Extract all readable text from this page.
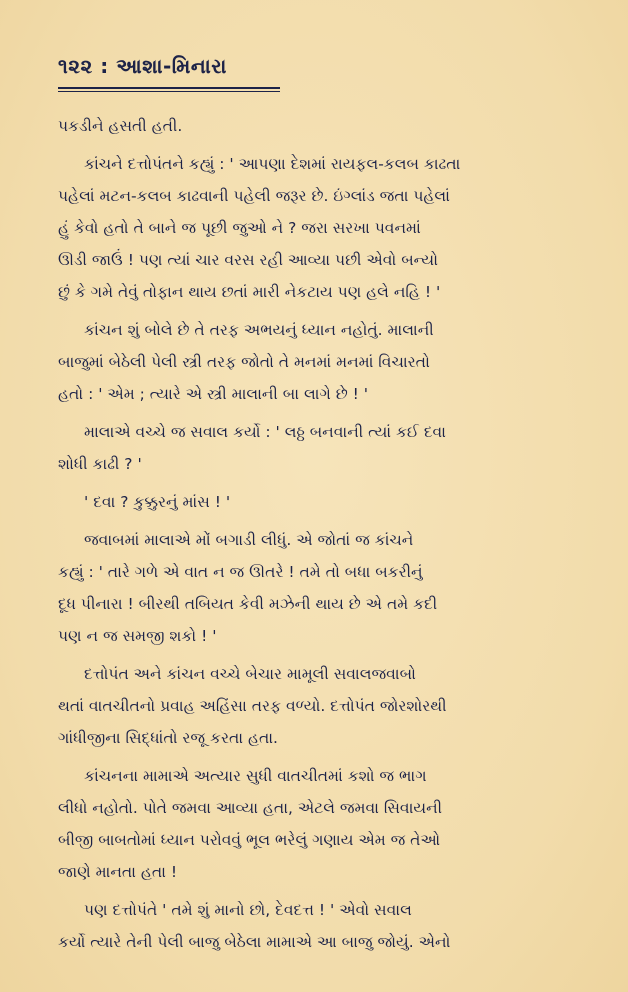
૧૨૨ : આશા-મિનારા

પકડીને હસતી હતી.

કાંચને દત્તોપંતને કહ્યું : ' આપણા દેશમાં રાયફલ-કલબ કાઢતા
પહેલાં મટન-કલબ કાઢવાની પહેલી જરૂર છે. ઇંગ્લાંડ જતા પહેલાં
હું કેવો હતો તે બાને જ પૂછી જુઓ ને ? જરા સરખા પવનમાં
ઊડી જાઉં ! પણ ત્યાં ચાર વરસ રહી આવ્યા પછી એવો બન્યો
છું કે ગમે તેવું તોફાન થાય છતાં મારી નેકટાય પણ હલે નહિ ! '

કાંચન શું બોલે છે તે તરફ અભયનું ધ્યાન નહોતું. માલાની
બાજુમાં બેઠેલી પેલી સ્ત્રી તરફ જોતો તે મનમાં મનમાં વિચારતો
હતો : ' એમ ; ત્યારે એ સ્ત્રી માલાની બા લાગે છે ! '

માલાએ વચ્ચે જ સવાલ કર્યો : ' લઠ્ઠ બનવાની ત્યાં કઈ દવા
શોધી કાઢી ? '

' દવા ? કુક્કુરનું માંસ ! '

જવાબમાં માલાએ મોં બગાડી લીધું. એ જોતાં જ કાંચને
કહ્યું : ' તારે ગળે એ વાત ન જ ઊતરે ! તમે તો બધા બકરીનું
દૂધ પીનારા ! બીરથી તબિયત કેવી મઝેની થાય છે એ તમે કદી
પણ ન જ સમજી શકો ! '

દત્તોપંત અને કાંચન વચ્ચે બેચાર મામૂલી સવાલજવાબો
થતાં વાતચીતનો પ્રવાહ અહિંસા તરફ વળ્યો. દત્તોપંત જોરશોરથી
ગાંધીજીના સિદ્ધાંતો રજૂ કરતા હતા.

કાંચનના મામાએ અત્યાર સુધી વાતચીતમાં કશો જ ભાગ
લીધો નહોતો. પોતે જમવા આવ્યા હતા, એટલે જમવા સિવાયની
બીજી બાબતોમાં ધ્યાન પરોવવું ભૂલ ભરેલું ગણાય એમ જ તેઓ
જાણે માનતા હતા !

પણ દત્તોપંતે ' તમે શું માનો છો, દેવદત્ત ! ' એવો સવાલ
કર્યો ત્યારે તેની પેલી બાજુ બેઠેલા મામાએ આ બાજુ જોયું. એનો
